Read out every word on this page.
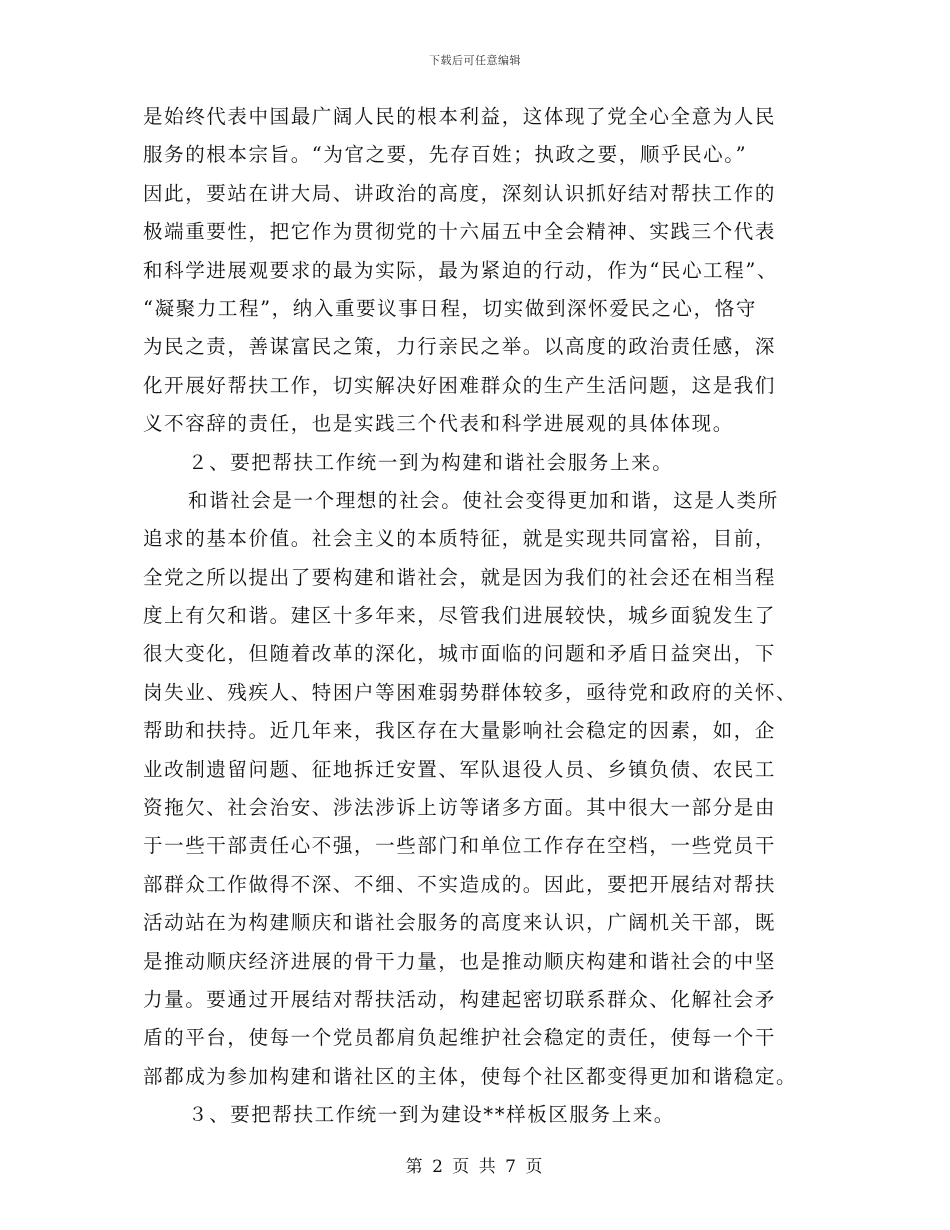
下载后可任意编辑
是始终代表中国最广阔人民的根本利益，这体现了党全心全意为人民
服务的根本宗旨。“为官之要，先存百姓；执政之要，顺乎民心。”
因此，要站在讲大局、讲政治的高度，深刻认识抓好结对帮扶工作的
极端重要性，把它作为贯彻党的十六届五中全会精神、实践三个代表
和科学进展观要求的最为实际，最为紧迫的行动，作为“民心工程”、
“凝聚力工程”，纳入重要议事日程，切实做到深怀爱民之心，恪守
为民之责，善谋富民之策，力行亲民之举。以高度的政治责任感，深
化开展好帮扶工作，切实解决好困难群众的生产生活问题，这是我们
义不容辞的责任，也是实践三个代表和科学进展观的具体体现。
２、要把帮扶工作统一到为构建和谐社会服务上来。
和谐社会是一个理想的社会。使社会变得更加和谐，这是人类所
追求的基本价值。社会主义的本质特征，就是实现共同富裕，目前，
全党之所以提出了要构建和谐社会，就是因为我们的社会还在相当程
度上有欠和谐。建区十多年来，尽管我们进展较快，城乡面貌发生了
很大变化，但随着改革的深化，城市面临的问题和矛盾日益突出，下
岗失业、残疾人、特困户等困难弱势群体较多，亟待党和政府的关怀、
帮助和扶持。近几年来，我区存在大量影响社会稳定的因素，如，企
业改制遗留问题、征地拆迁安置、军队退役人员、乡镇负债、农民工
资拖欠、社会治安、涉法涉诉上访等诸多方面。其中很大一部分是由
于一些干部责任心不强，一些部门和单位工作存在空档，一些党员干
部群众工作做得不深、不细、不实造成的。因此，要把开展结对帮扶
活动站在为构建顺庆和谐社会服务的高度来认识，广阔机关干部，既
是推动顺庆经济进展的骨干力量，也是推动顺庆构建和谐社会的中坚
力量。要通过开展结对帮扶活动，构建起密切联系群众、化解社会矛
盾的平台，使每一个党员都肩负起维护社会稳定的责任，使每一个干
部都成为参加构建和谐社区的主体，使每个社区都变得更加和谐稳定。
３、要把帮扶工作统一到为建设**样板区服务上来。
第 2 页 共 7 页
